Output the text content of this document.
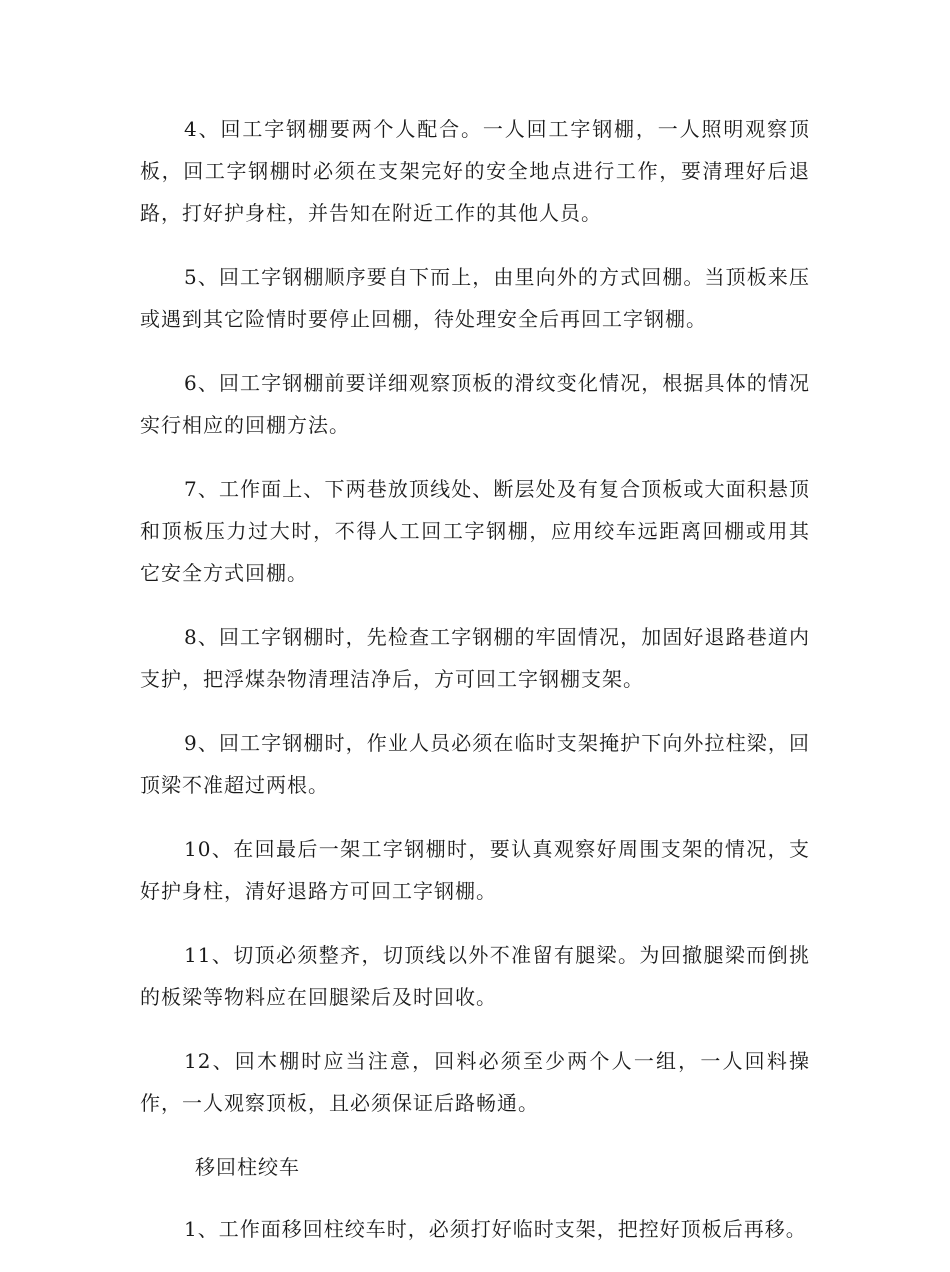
4、回工字钢棚要两个人配合。一人回工字钢棚，一人照明观察顶板，回工字钢棚时必须在支架完好的安全地点进行工作，要清理好后退路，打好护身柱，并告知在附近工作的其他人员。

5、回工字钢棚顺序要自下而上，由里向外的方式回棚。当顶板来压或遇到其它险情时要停止回棚，待处理安全后再回工字钢棚。

6、回工字钢棚前要详细观察顶板的滑纹变化情况，根据具体的情况实行相应的回棚方法。

7、工作面上、下两巷放顶线处、断层处及有复合顶板或大面积悬顶和顶板压力过大时，不得人工回工字钢棚，应用绞车远距离回棚或用其它安全方式回棚。

8、回工字钢棚时，先检查工字钢棚的牢固情况，加固好退路巷道内支护，把浮煤杂物清理洁净后，方可回工字钢棚支架。

9、回工字钢棚时，作业人员必须在临时支架掩护下向外拉柱梁，回顶梁不准超过两根。

10、在回最后一架工字钢棚时，要认真观察好周围支架的情况，支好护身柱，清好退路方可回工字钢棚。

11、切顶必须整齐，切顶线以外不准留有腿梁。为回撤腿梁而倒挑的板梁等物料应在回腿梁后及时回收。

12、回木棚时应当注意，回料必须至少两个人一组，一人回料操作，一人观察顶板，且必须保证后路畅通。

移回柱绞车

1、工作面移回柱绞车时，必须打好临时支架，把控好顶板后再移。
